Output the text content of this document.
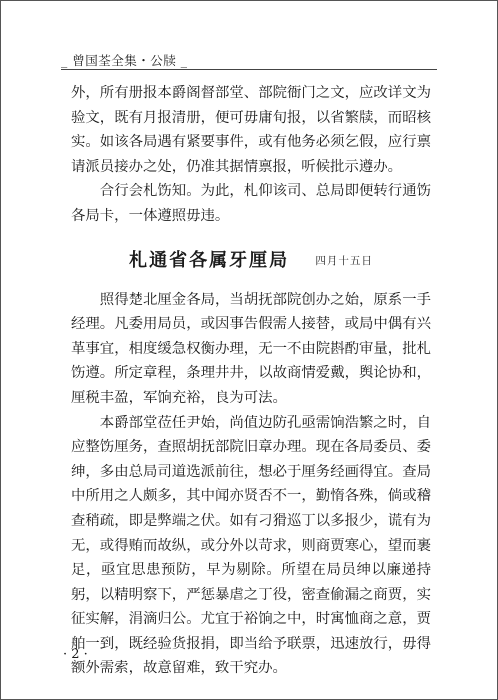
_ 曾国荃全集・公牍 _

外，所有册报本爵阁督部堂、部院衙门之文，应改详文为验文，既有月报清册，便可毋庸旬报，以省繁牍，而昭核实。如该各局遇有紧要事件，或有他务必须乞假，应行禀请派员接办之处，仍准其据情禀报，听候批示遵办。

合行会札饬知。为此，札仰该司、总局即便转行通饬各局卡，一体遵照毋违。

札通省各属牙厘局	四月十五日

照得楚北厘金各局，当胡抚部院创办之始，原系一手经理。凡委用局员，或因事告假需人接替，或局中偶有兴革事宜，相度缓急权衡办理，无一不由院斟酌审量，批札饬遵。所定章程，条理井井，以故商情爱戴，舆论协和，厘税丰盈，军饷充裕，良为可法。

本爵部堂莅任尹始，尚值边防孔亟需饷浩繁之时，自应整饬厘务，查照胡抚部院旧章办理。现在各局委员、委绅，多由总局司道选派前往，想必于厘务经画得宜。查局中所用之人颇多，其中闻亦贤否不一，勤惰各殊，倘或稽查稍疏，即是弊端之伏。如有刁猾巡丁以多报少，谎有为无，或得贿而故纵，或分外以苛求，则商贾寒心，望而裹足，亟宜思患预防，早为剔除。所望在局员绅以廉递持躬，以精明察下，严惩暴虐之丁役，密查偷漏之商贾，实征实解，涓滴归公。尤宜于裕饷之中，时寓恤商之意，贾舶一到，既经验货报捐，即当给予联票，迅速放行，毋得额外需索，故意留难，致干究办。

· 2 ·
